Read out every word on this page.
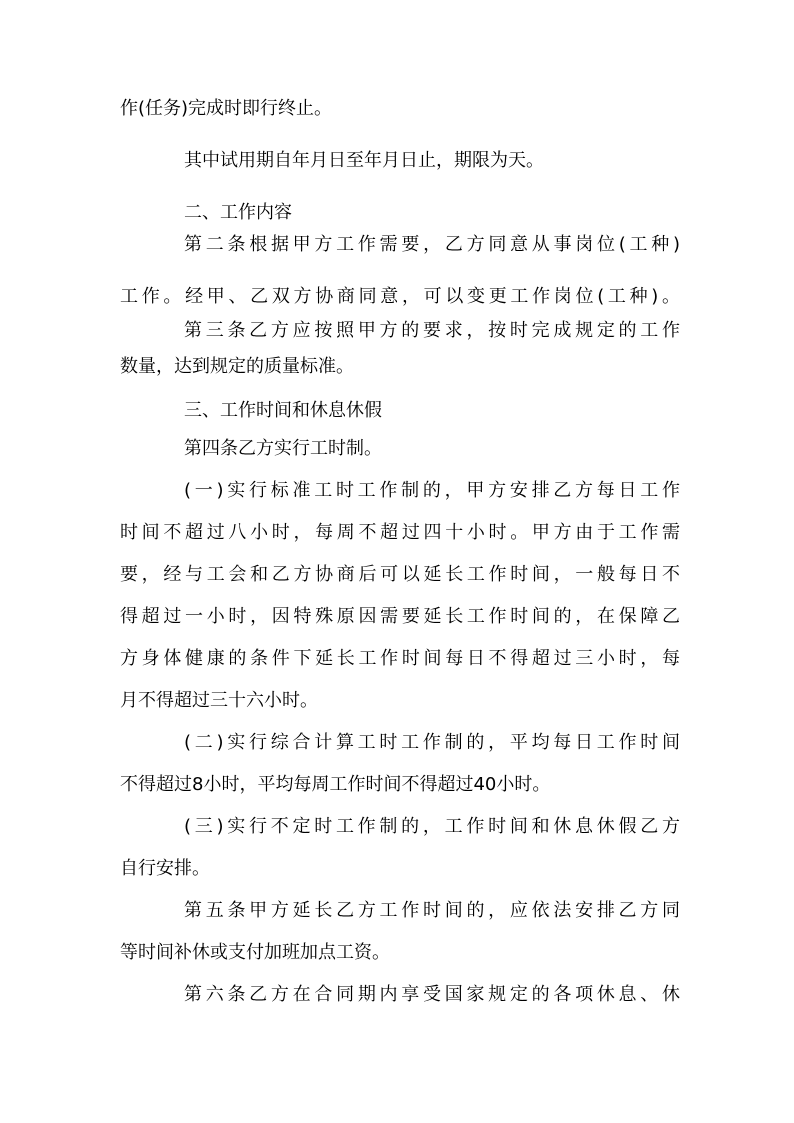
作(任务)完成时即行终止。
其中试用期自年月日至年月日止，期限为天。
二、工作内容
第二条根据甲方工作需要，乙方同意从事岗位(工种)
工作。经甲、乙双方协商同意，可以变更工作岗位(工种)。
第三条乙方应按照甲方的要求，按时完成规定的工作
数量，达到规定的质量标准。
三、工作时间和休息休假
第四条乙方实行工时制。
(一)实行标准工时工作制的，甲方安排乙方每日工作
时间不超过八小时，每周不超过四十小时。甲方由于工作需
要，经与工会和乙方协商后可以延长工作时间，一般每日不
得超过一小时，因特殊原因需要延长工作时间的，在保障乙
方身体健康的条件下延长工作时间每日不得超过三小时，每
月不得超过三十六小时。
(二)实行综合计算工时工作制的，平均每日工作时间
不得超过8小时，平均每周工作时间不得超过40小时。
(三)实行不定时工作制的，工作时间和休息休假乙方
自行安排。
第五条甲方延长乙方工作时间的，应依法安排乙方同
等时间补休或支付加班加点工资。
第六条乙方在合同期内享受国家规定的各项休息、休
